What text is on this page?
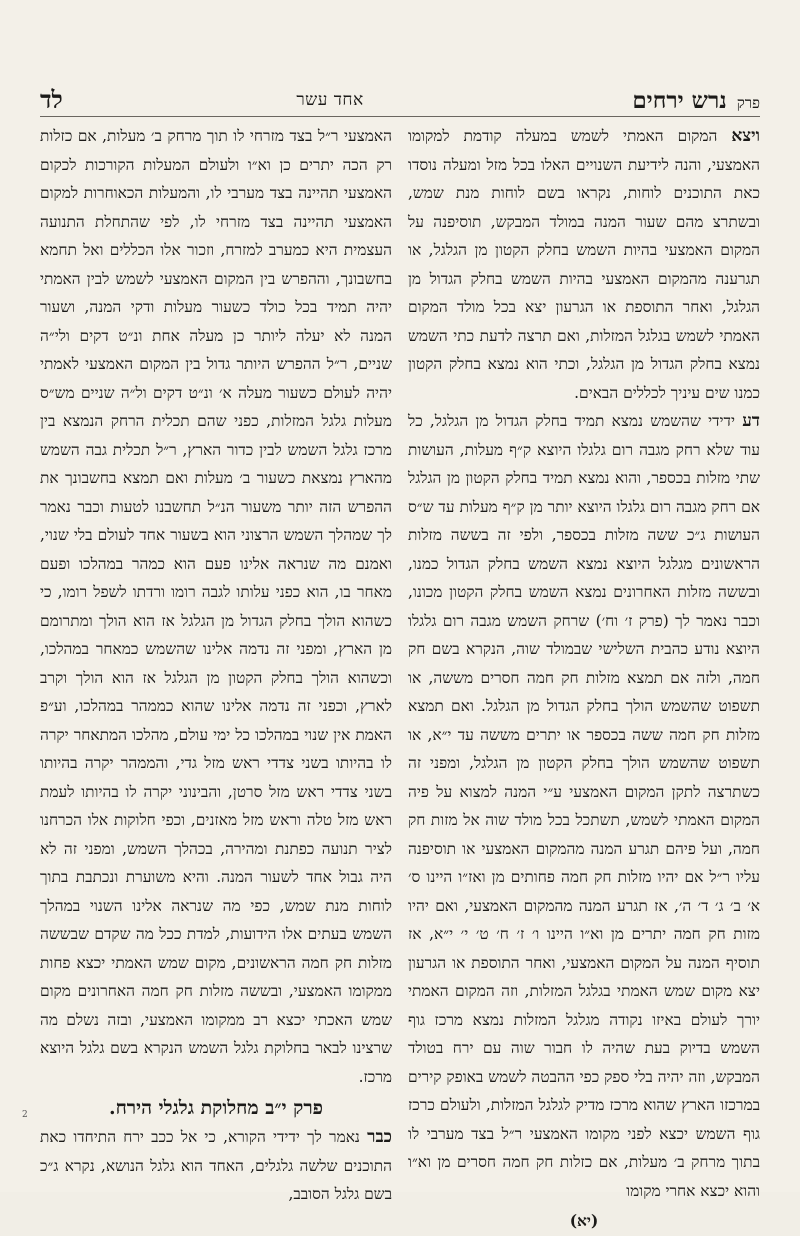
פרק
נרש ירחים
אחד עשר
לד

ויצא המקום האמתי לשמש במעלה קודמת למקומו האמצעי, והנה לידיעת השנויים האלו בכל מזל ומעלה נוסדו כאת התוכנים לוחות, נקראו בשם לוחות מנת שמש, ובשתרצ מהם שעור המנה במולד המבקש, תוסיפנה על המקום האמצעי בהיות השמש בחלק הקטון מן הגלגל, או תגרענה מהמקום האמצעי בהיות השמש בחלק הגדול מן הגלגל, ואחר התוספת או הגרעון יצא בכל מולד המקום האמתי לשמש בגלגל המזלות, ואם תרצה לדעת כתי השמש נמצא בחלק הגדול מן הגלגל, וכתי הוא נמצא בחלק הקטון כמנו שים עיניך לכללים הבאים.

דע ידידי שהשמש נמצא תמיד בחלק הגדול מן הגלגל, כל עוד שלא רחק מגבה רום גלגלו היוצא ק״ף מעלות, העושות שתי מזלות בכספר, והוא נמצא תמיד בחלק הקטון מן הגלגל אם רחק מגבה רום גלגלו היוצא יותר מן ק״ף מעלות עד ש״ס העושות ג״כ ששה מזלות בכספר, ולפי זה בששה מזלות הראשונים מגלגל היוצא נמצא השמש בחלק הגדול כמנו, ובששה מזלות האחרונים נמצא השמש בחלק הקטון מכונו, וכבר נאמר לך (פרק ז׳ וח׳) שרחק השמש מגבה רום גלגלו היוצא נודע כהבית השלישי שבמולד שוה, הנקרא בשם חק חמה, ולזה אם תמצא מזלות חק חמה חסרים מששה, או תשפוט שהשמש הולך בחלק הגדול מן הגלגל. ואם תמצא מזלות חק חמה ששה בכספר או יתרים מששה עד י״א, או תשפוט שהשמש הולך בחלק הקטון מן הגלגל, ומפני זה כשתרצה לתקן המקום האמצעי ע״י המנה למצוא על פיה המקום האמתי לשמש, תשתכל בכל מולד שוה אל מזות חק חמה, ועל פיהם תגרע המנה מהמקום האמצעי או תוסיפנה עליו ר״ל אם יהיו מזלות חק חמה פחותים מן ואז״ו היינו ס׳ א׳ ב׳ ג׳ ד׳ ה׳, אז תגרע המנה מהמקום האמצעי, ואם יהיו מזות חק חמה יתרים מן וא״ו היינו ו׳ ז׳ ח׳ ט׳ י׳ י״א, אז תוסיף המנה על המקום האמצעי, ואחר התוספת או הגרעון יצא מקום שמש האמתי בגלגל המזלות, וזה המקום האמתי יורך לעולם באיזו נקודה מגלגל המזלות נמצא מרכז גוף השמש בדיוק בעת שהיה לו חבור שוה עם ירח בטולד המבקש, וזה יהיה בלי ספק כפי ההבטה לשמש באופק קירים במרכזו הארץ שהוא מרכז מדיק לגלגל המזלות, ולעולם כרכז גוף השמש יכצא לפני מקומו האמצעי ר״ל בצד מערבי לו בתוך מרחק ב׳ מעלות, אם כזלות חק חמה חסרים מן וא״ו והוא יכצא אחרי מקומו

(יא)

האמצעי ר״ל בצד מזרחי לו תוך מרחק ב׳ מעלות, אם כזלות רק הכה יתרים כן וא״ו ולעולם המעלות הקורכות לכקום האמצעי תהיינה בצד מערבי לו, והמעלות הכאוחרות למקום האמצעי תהיינה בצד מזרחי לו, לפי שהתחלת התנועה העצמית היא כמערב למזרח, וזכור אלו הכללים ואל תחמא בחשבונך, וההפרש בין המקום האמצעי לשמש לבין האמתי יהיה תמיד בכל כולד כשעור מעלות ודקי המנה, ושעור המנה לא יעלה ליותר כן מעלה אחת ונ״ט דקים ולי״ה שניים, ר״ל ההפרש היותר גדול בין המקום האמצעי לאמתי יהיה לעולם כשעור מעלה א׳ ונ״ט דקים ול״ה שניים מש״ס מעלות גלגל המזלות, כפני שהם תכלית הרחק הנמצא בין מרכז גלגל השמש לבין כדור הארץ, ר״ל תכלית גבה השמש מהארץ נמצאת כשעור ב׳ מעלות ואם תמצא בחשבונך את ההפרש הזה יותר משעור הנ״ל תחשבנו לטעות וכבר נאמר לך שמהלך השמש הרצוני הוא בשעור אחד לעולם בלי שנוי, ואמנם מה שנראה אלינו פעם הוא כמהר במהלכו ופעם מאחר בו, הוא כפני עלותו לגבה רומו ורדתו לשפל רומו, כי כשהוא הולך בחלק הגדול מן הגלגל אז הוא הולך ומתרומם מן הארץ, ומפני זה נדמה אלינו שהשמש כמאחר במהלכו, וכשהוא הולך בחלק הקטון מן הגלגל אז הוא הולך וקרב לארץ, וכפני זה נדמה אלינו שהוא כממהר במהלכו, וע״פ האמת אין שנוי במהלכו כל ימי עולם, מהלכו המתאחר יקרה לו בהיותו בשני צדדי ראש מזל גדי, והממהר יקרה בהיותו בשני צדדי ראש מזל סרטן, והבינוני יקרה לו בהיותו לעמת ראש מזל טלה וראש מזל מאזנים, וכפי חלוקות אלו הכרחנו לציר תנועה כפתנת ומהירה, בכהלך השמש, ומפני זה לא היה גבול אחד לשעור המנה. והיא משוערת ונכתבת בתוך לוחות מנת שמש, כפי מה שנראה אלינו השנוי במהלך השמש בעתים אלו הידועות, למדת ככל מה שקדם שבששה מזלות חק חמה הראשונים, מקום שמש האמתי יכצא פחות ממקומו האמצעי, ובששה מזלות חק חמה האחרונים מקום שמש האכתי יכצא רב ממקומו האמצעי, ובזה נשלם מה שרצינו לבאר בחלוקת גלגל השמש הנקרא בשם גלגל היוצא מרכז.

פרק י״ב מחלוקת גלגלי הירח.

כבר נאמר לך ידידי הקורא, כי אל ככב ירח התיחדו כאת התוכנים שלשה גלגלים, האחד הוא גלגל הנושא, נקרא ג״כ בשם גלגל הסובב,

2
